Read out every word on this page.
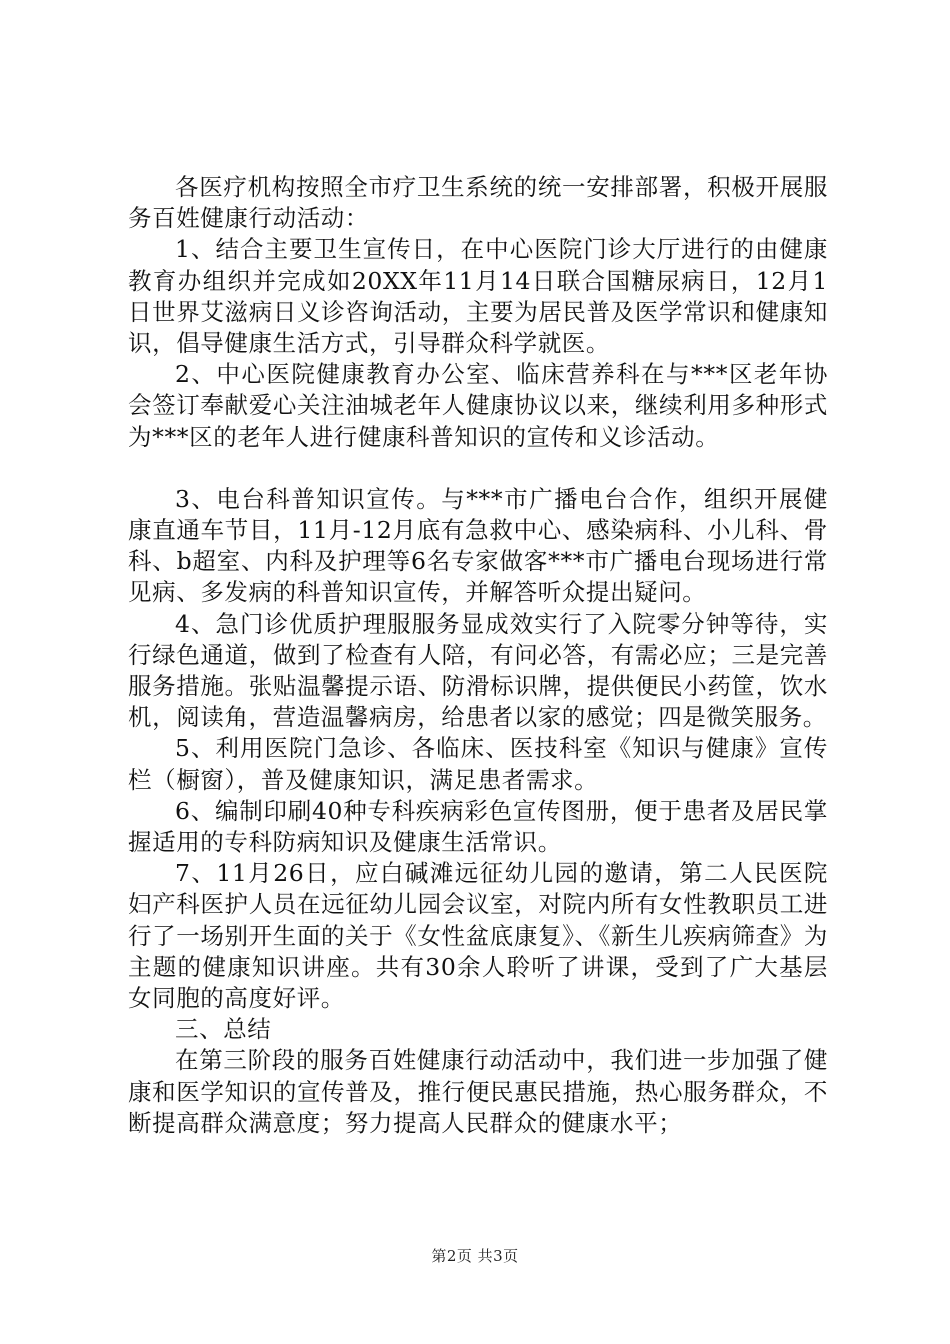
各医疗机构按照全市疗卫生系统的统一安排部署，积极开展服务百姓健康行动活动：

1、结合主要卫生宣传日，在中心医院门诊大厅进行的由健康教育办组织并完成如20XX年11月14日联合国糖尿病日，12月1日世界艾滋病日义诊咨询活动，主要为居民普及医学常识和健康知识，倡导健康生活方式，引导群众科学就医。

2、中心医院健康教育办公室、临床营养科在与***区老年协会签订奉献爱心关注油城老年人健康协议以来，继续利用多种形式为***区的老年人进行健康科普知识的宣传和义诊活动。

3、电台科普知识宣传。与***市广播电台合作，组织开展健康直通车节目，11月-12月底有急救中心、感染病科、小儿科、骨科、b超室、内科及护理等6名专家做客***市广播电台现场进行常见病、多发病的科普知识宣传，并解答听众提出疑问。

4、急门诊优质护理服服务显成效实行了入院零分钟等待，实行绿色通道，做到了检查有人陪，有问必答，有需必应；三是完善服务措施。张贴温馨提示语、防滑标识牌，提供便民小药筐，饮水机，阅读角，营造温馨病房，给患者以家的感觉；四是微笑服务。

5、利用医院门急诊、各临床、医技科室《知识与健康》宣传栏（橱窗），普及健康知识，满足患者需求。

6、编制印刷40种专科疾病彩色宣传图册，便于患者及居民掌握适用的专科防病知识及健康生活常识。

7、11月26日，应白碱滩远征幼儿园的邀请，第二人民医院妇产科医护人员在远征幼儿园会议室，对院内所有女性教职员工进行了一场别开生面的关于《女性盆底康复》、《新生儿疾病筛查》为主题的健康知识讲座。共有30余人聆听了讲课，受到了广大基层女同胞的高度好评。

三、总结

在第三阶段的服务百姓健康行动活动中，我们进一步加强了健康和医学知识的宣传普及，推行便民惠民措施，热心服务群众，不断提高群众满意度；努力提高人民群众的健康水平；

第2页 共3页
